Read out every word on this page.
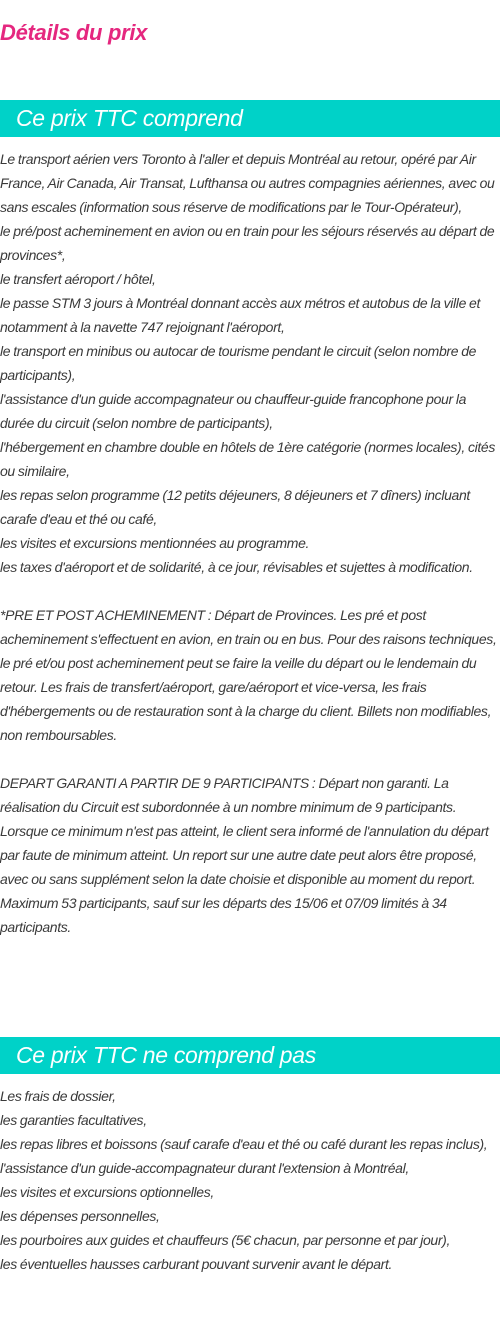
Détails du prix
Ce prix TTC comprend

Le transport aérien vers Toronto à l'aller et depuis Montréal au retour, opéré par Air France, Air Canada, Air Transat, Lufthansa ou autres compagnies aériennes, avec ou sans escales (information sous réserve de modifications par le Tour-Opérateur),

le pré/post acheminement en avion ou en train pour les séjours réservés au départ de provinces*,

le transfert aéroport / hôtel,

le passe STM 3 jours à Montréal donnant accès aux métros et autobus de la ville et notamment à la navette 747 rejoignant l'aéroport,

le transport en minibus ou autocar de tourisme pendant le circuit (selon nombre de participants),

l'assistance d'un guide accompagnateur ou chauffeur-guide francophone pour la durée du circuit (selon nombre de participants),

l'hébergement en chambre double en hôtels de 1ère catégorie (normes locales), cités ou similaire,

les repas selon programme (12 petits déjeuners, 8 déjeuners et 7 dîners) incluant carafe d'eau et thé ou café,

les visites et excursions mentionnées au programme.

les taxes d'aéroport et de solidarité, à ce jour, révisables et sujettes à modification.

*PRE ET POST ACHEMINEMENT : Départ de Provinces. Les pré et post acheminement s'effectuent en avion, en train ou en bus. Pour des raisons techniques, le pré et/ou post acheminement peut se faire la veille du départ ou le lendemain du retour. Les frais de transfert/aéroport, gare/aéroport et vice-versa, les frais d'hébergements ou de restauration sont à la charge du client. Billets non modifiables, non remboursables.

DEPART GARANTI A PARTIR DE 9 PARTICIPANTS : Départ non garanti. La réalisation du Circuit est subordonnée à un nombre minimum de 9 participants. Lorsque ce minimum n'est pas atteint, le client sera informé de l'annulation du départ par faute de minimum atteint. Un report sur une autre date peut alors être proposé, avec ou sans supplément selon la date choisie et disponible au moment du report. Maximum 53 participants, sauf sur les départs des 15/06 et 07/09 limités à 34 participants.

Ce prix TTC ne comprend pas

Les frais de dossier,

les garanties facultatives,

les repas libres et boissons (sauf carafe d'eau et thé ou café durant les repas inclus),

l'assistance d'un guide-accompagnateur durant l'extension à Montréal,

les visites et excursions optionnelles,

les dépenses personnelles,

les pourboires aux guides et chauffeurs (5€ chacun, par personne et par jour),

les éventuelles hausses carburant pouvant survenir avant le départ.
